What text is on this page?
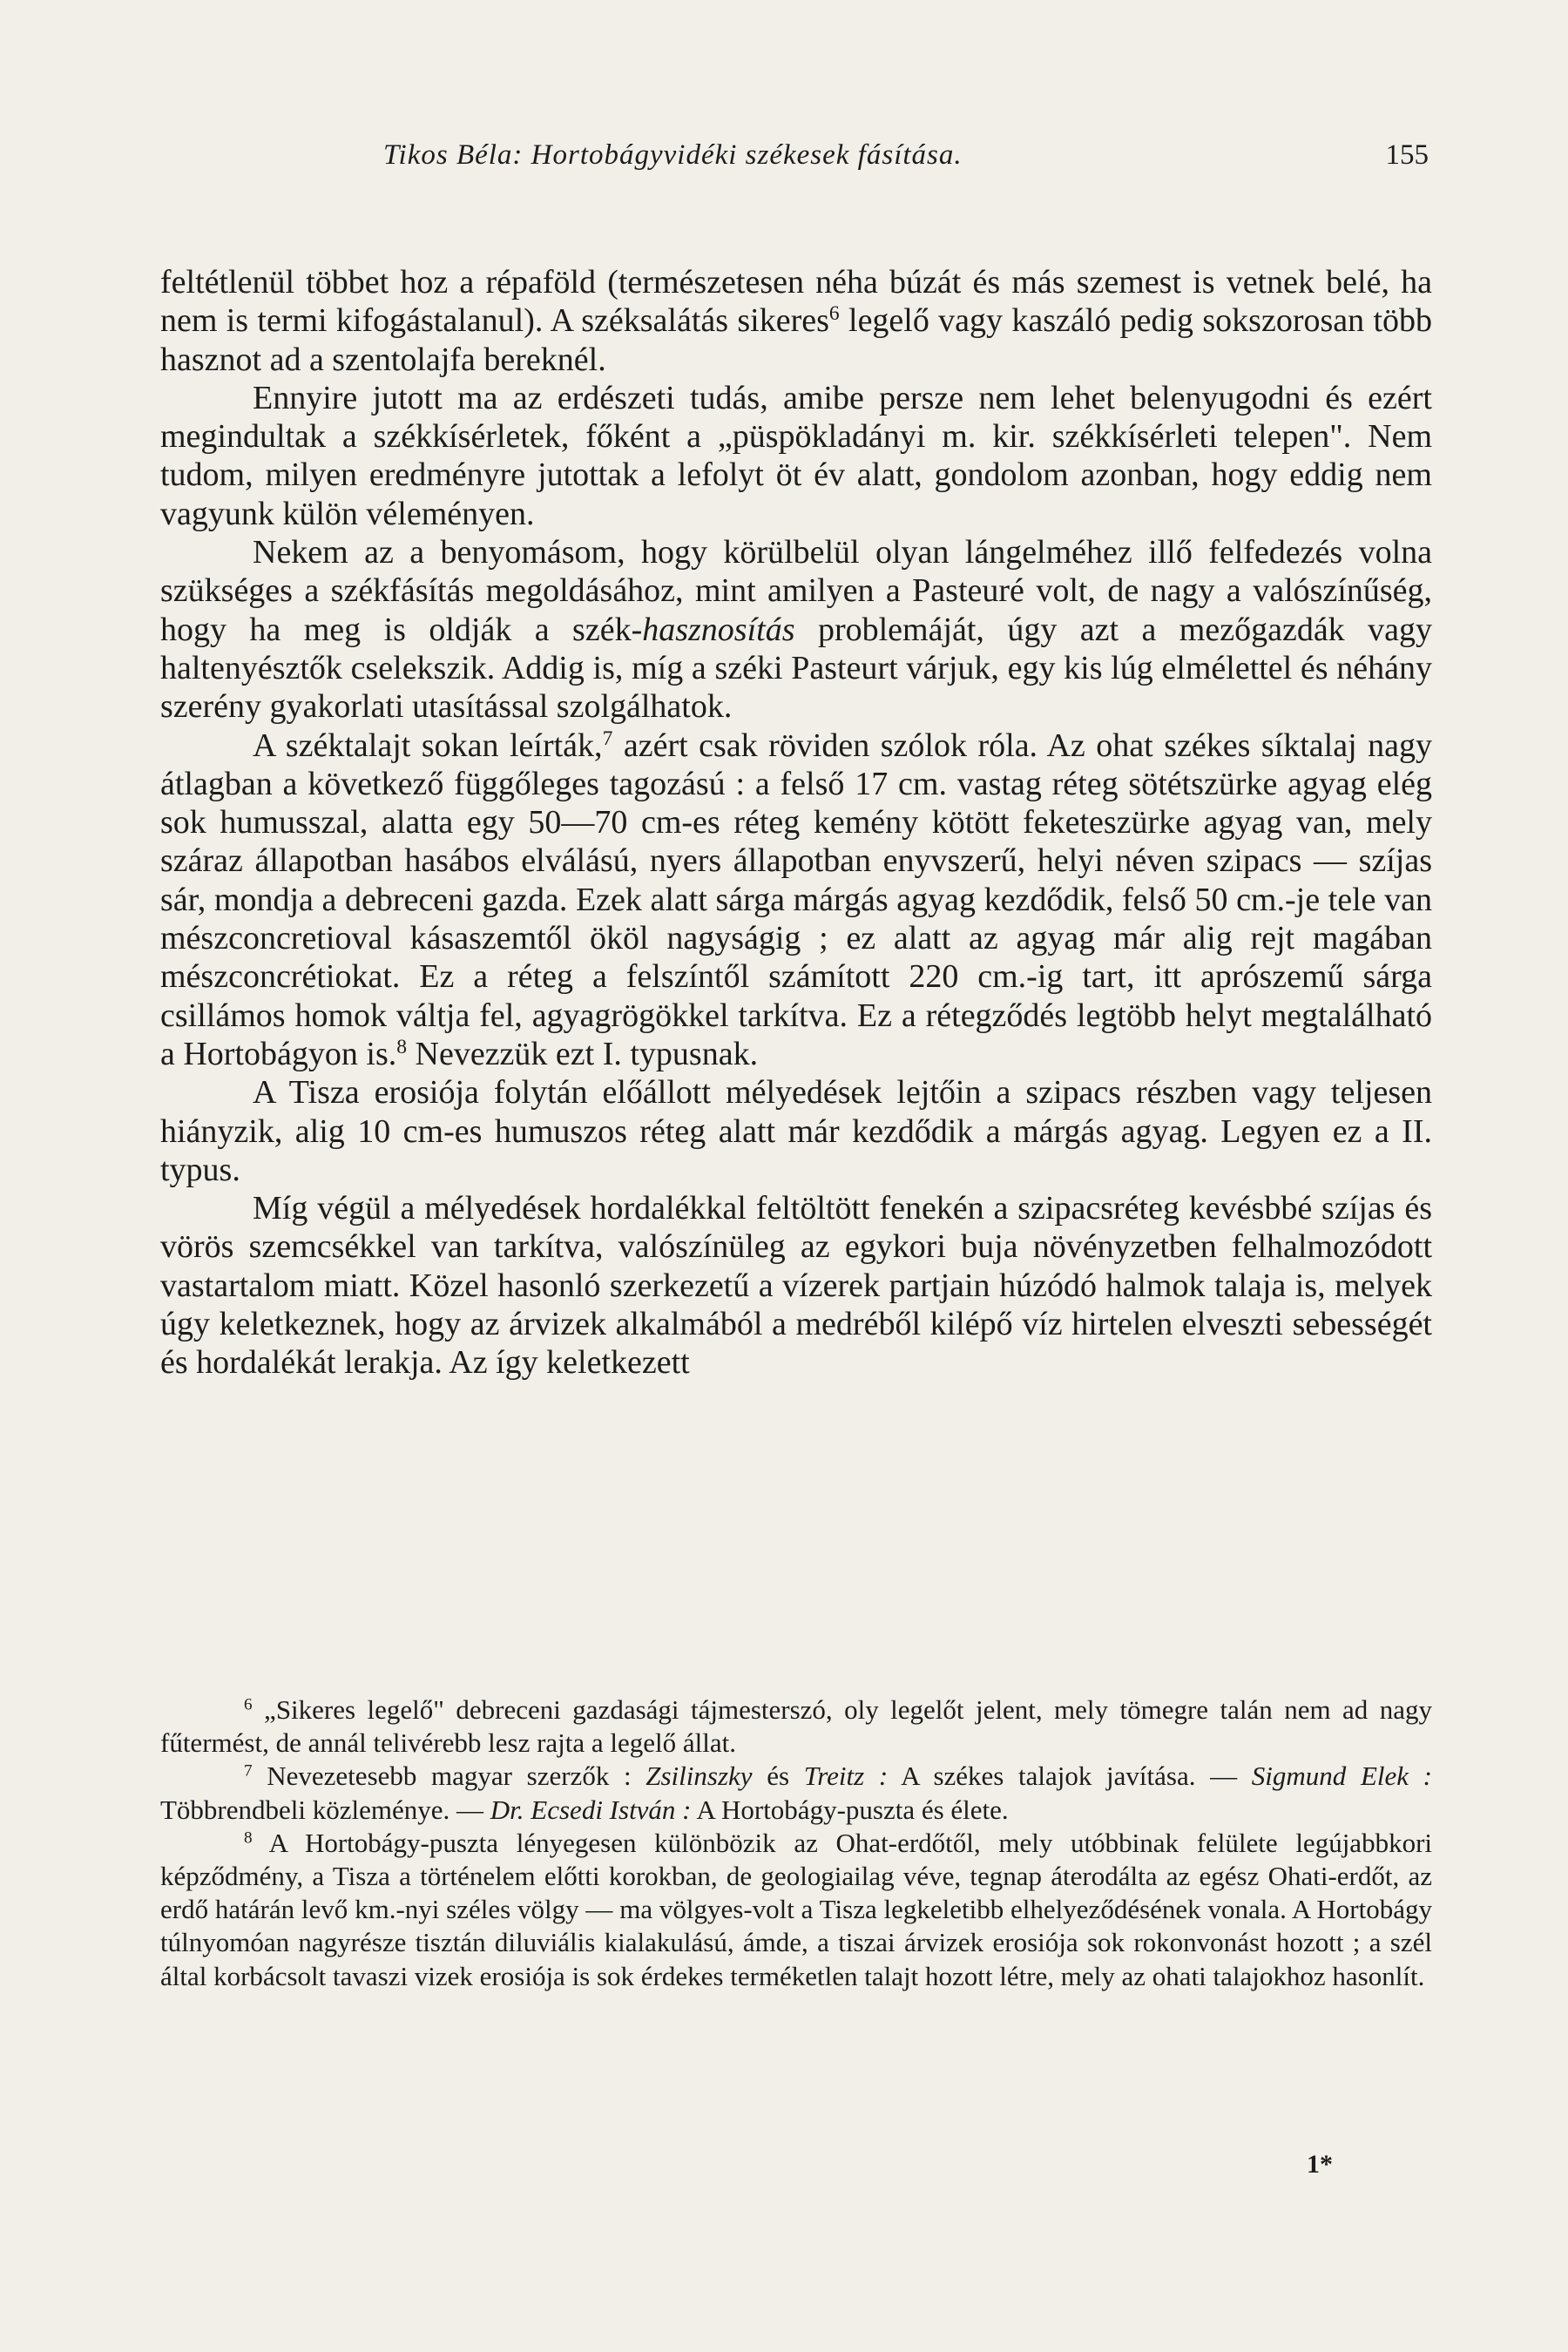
Tikos Béla: Hortobágyvidéki székesek fásítása.	155

feltétlenül többet hoz a répaföld (természetesen néha búzát és más szemest is vetnek belé, ha nem is termi kifogástalanul). A széksalátás sikeres$^6$ legelő vagy kaszáló pedig sokszorosan több hasznot ad a szentolajfa bereknél.

Ennyire jutott ma az erdészeti tudás, amibe persze nem lehet belenyugodni és ezért megindultak a székkísérletek, főként a „püspökladányi m. kir. székkísérleti telepen". Nem tudom, milyen eredményre jutottak a lefolyt öt év alatt, gondolom azonban, hogy eddig nem vagyunk külön véleményen.

Nekem az a benyomásom, hogy körülbelül olyan lángelméhez illő felfedezés volna szükséges a székfásítás megoldásához, mint amilyen a Pasteuré volt, de nagy a valószínűség, hogy ha meg is oldják a szék-hasznosítás problemáját, úgy azt a mezőgazdák vagy haltenyésztők cselekszik. Addig is, míg a széki Pasteurt várjuk, egy kis lúg elmélettel és néhány szerény gyakorlati utasítással szolgálhatok.

A széktalajt sokan leírták,$^7$ azért csak röviden szólok róla. Az ohat székes síktalaj nagy átlagban a következő függőleges tagozású : a felső 17 cm. vastag réteg sötétszürke agyag elég sok humusszal, alatta egy 50—70 cm-es réteg kemény kötött feketeszürke agyag van, mely száraz állapotban hasábos elválású, nyers állapotban enyvszerű, helyi néven szipacs — szíjas sár, mondja a debreceni gazda. Ezek alatt sárga márgás agyag kezdődik, felső 50 cm.-je tele van mészconcretioval kásaszemtől ököl nagyságig ; ez alatt az agyag már alig rejt magában mészconcrétiokat. Ez a réteg a felszíntől számított 220 cm.-ig tart, itt aprószemű sárga csillámos homok váltja fel, agyagrögökkel tarkítva. Ez a rétegződés legtöbb helyt megtalálható a Hortobágyon is.$^8$ Nevezzük ezt I. typusnak.

A Tisza erosiója folytán előállott mélyedések lejtőin a szipacs részben vagy teljesen hiányzik, alig 10 cm-es humuszos réteg alatt már kezdődik a márgás agyag. Legyen ez a II. typus.

Míg végül a mélyedések hordalékkal feltöltött fenekén a szipacsréteg kevésbbé szíjas és vörös szemcsékkel van tarkítva, valószínüleg az egykori buja növényzetben felhalmozódott vastartalom miatt. Közel hasonló szerkezetű a vízerek partjain húzódó halmok talaja is, melyek úgy keletkeznek, hogy az árvizek alkalmából a medréből kilépő víz hirtelen elveszti sebességét és hordalékát lerakja. Az így keletkezett

$^6$ „Sikeres legelő" debreceni gazdasági tájmesterszó, oly legelőt jelent, mely tömegre talán nem ad nagy fűtermést, de annál telivérebb lesz rajta a legelő állat.

$^7$ Nevezetesebb magyar szerzők : Zsilinszky és Treitz : A székes talajok javítása. — Sigmund Elek : Többrendbeli közleménye. — Dr. Ecsedi István : A Hortobágy-puszta és élete.

$^8$ A Hortobágy-puszta lényegesen különbözik az Ohat-erdőtől, mely utóbbinak felülete legújabbkori képződmény, a Tisza a történelem előtti korokban, de geologiailag véve, tegnap áterodálta az egész Ohati-erdőt, az erdő határán levő km.-nyi széles völgy — ma völgyes-volt a Tisza legkeletibb elhelyeződésének vonala. A Hortobágy túlnyomóan nagyrésze tisztán diluviális kialakulású, ámde, a tiszai árvizek erosiója sok rokonvonást hozott ; a szél által korbácsolt tavaszi vizek erosiója is sok érdekes terméketlen talajt hozott létre, mely az ohati talajokhoz hasonlít.

1*
